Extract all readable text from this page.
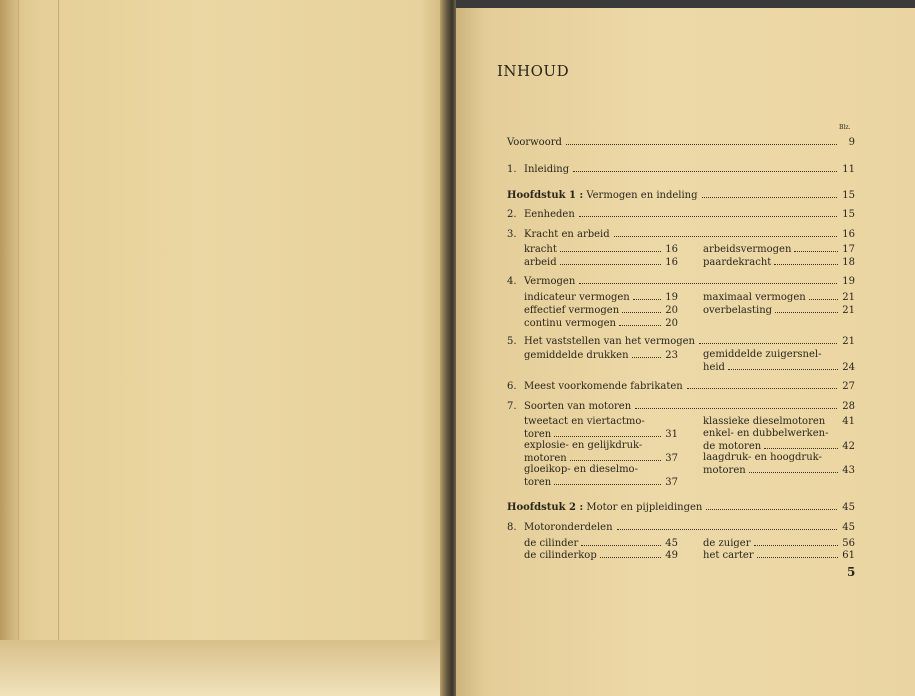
INHOUD
Blz.
Voorwoord	9
1. Inleiding	11
Hoofdstuk 1 : Vermogen en indeling	15
2. Eenheden	15
3. Kracht en arbeid	16
kracht	16
arbeid	16
arbeidsvermogen	17
paardekracht	18
4. Vermogen	19
indicateur vermogen	19
effectief vermogen	20
continu vermogen	20
maximaal vermogen	21
overbelasting	21
5. Het vaststellen van het vermogen	21
gemiddelde drukken	23	gemiddelde zuigersnel-
heid	24
6. Meest voorkomende fabrikaten	27
7. Soorten van motoren	28
tweetact en viertactmo-
toren	31
explosie- en gelijkdruk-
motoren	37
gloeikop- en dieselmo-
toren	37
klassieke dieselmotoren	41
enkel- en dubbelwerken-
de motoren	42
laagdruk- en hoogdruk-
motoren	43
Hoofdstuk 2 : Motor en pijpleidingen	45
8. Motoronderdelen	45
de cilinder	45
de cilinderkop	49
de zuiger	56
het carter	61
5
